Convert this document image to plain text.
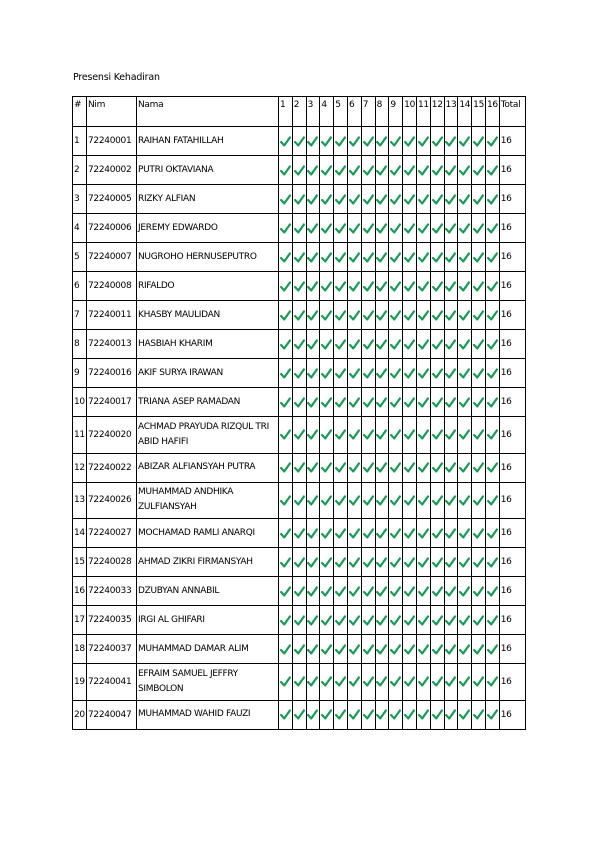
Presensi Kehadiran
#	Nim	Nama	1	2	3	4	5	6	7	8	9	10	11	12	13	14	15	16	Total
1	72240001	RAIHAN FATAHILLAH																	16
2	72240002	PUTRI OKTAVIANA																	16
3	72240005	RIZKY ALFIAN																	16
4	72240006	JEREMY EDWARDO																	16
5	72240007	NUGROHO HERNUSEPUTRO																	16
6	72240008	RIFALDO																	16
7	72240011	KHASBY MAULIDAN																	16
8	72240013	HASBIAH KHARIM																	16
9	72240016	AKIF SURYA IRAWAN																	16
10	72240017	TRIANA ASEP RAMADAN																	16
11	72240020	ACHMAD PRAYUDA RIZQUL TRI ABID HAFIFI																	16
12	72240022	ABIZAR ALFIANSYAH PUTRA																	16
13	72240026	MUHAMMAD ANDHIKA ZULFIANSYAH																	16
14	72240027	MOCHAMAD RAMLI ANARQI																	16
15	72240028	AHMAD ZIKRI FIRMANSYAH																	16
16	72240033	DZUBYAN ANNABIL																	16
17	72240035	IRGI AL GHIFARI																	16
18	72240037	MUHAMMAD DAMAR ALIM																	16
19	72240041	EFRAIM SAMUEL JEFFRY SIMBOLON																	16
20	72240047	MUHAMMAD WAHID FAUZI																	16
